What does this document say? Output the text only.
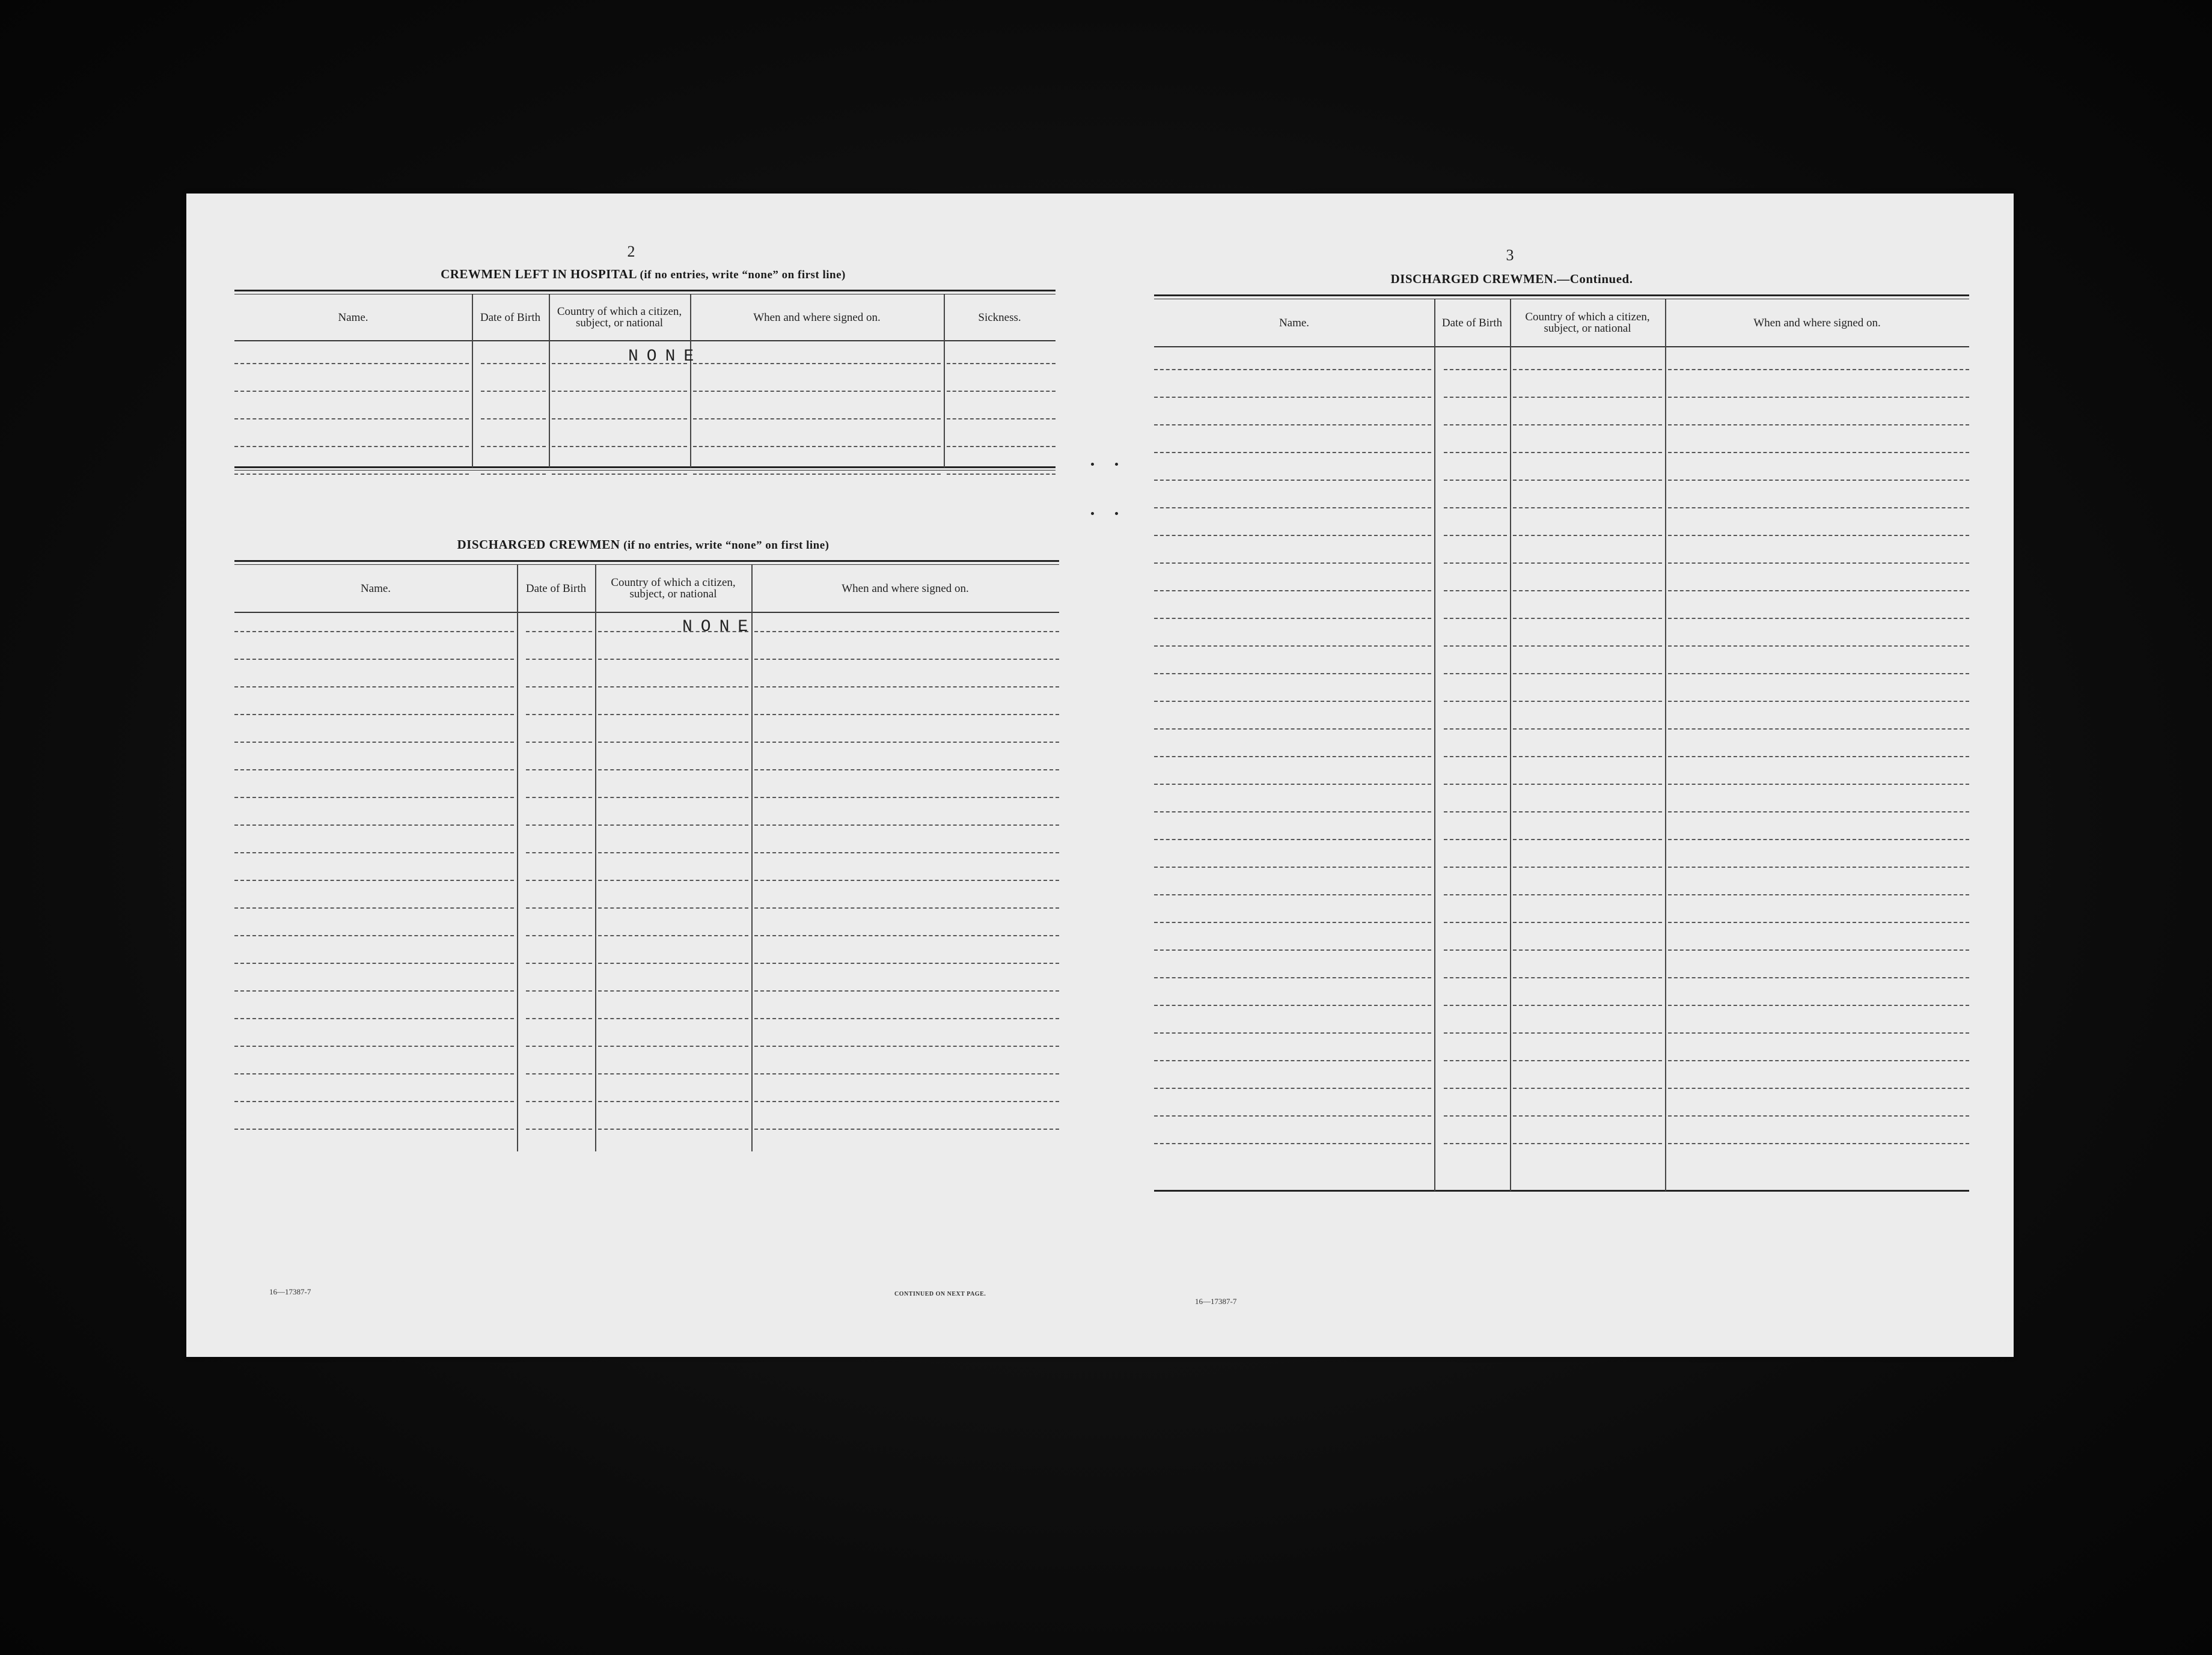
2
CREWMEN LEFT IN HOSPITAL (if no entries, write “none” on first line)
Name.	Date of Birth	Country of which a citizen, subject, or national	When and where signed on.	Sickness.
NONE
DISCHARGED CREWMEN (if no entries, write “none” on first line)
Name.	Date of Birth	Country of which a citizen, subject, or national	When and where signed on.
NONE
16—17387-7	CONTINUED ON NEXT PAGE.
3
DISCHARGED CREWMEN.—Continued.
Name.	Date of Birth	Country of which a citizen, subject, or national	When and where signed on.
16—17387-7
